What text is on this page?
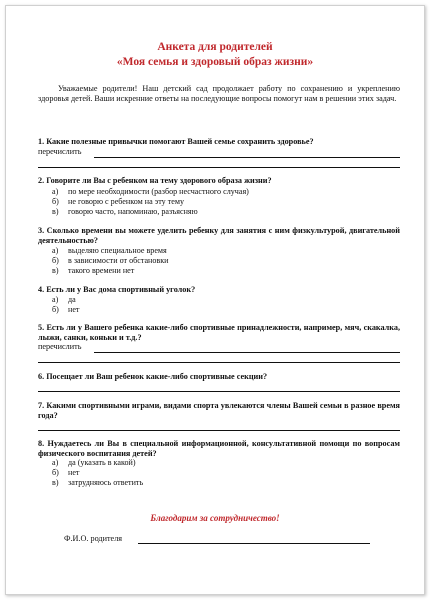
Анкета для родителей
«Моя семья и здоровый образ жизни»
Уважаемые родители! Наш детский сад продолжает работу по сохранению и укреплению здоровья детей. Ваши искренние ответы на последующие вопросы помогут нам в решении этих задач.
1. Какие полезные привычки помогают Вашей семье сохранить здоровье?
перечислить
2. Говорите ли Вы с ребенком на тему здорового образа жизни?
а) по мере необходимости (разбор несчастного случая)
б) не говорю с ребенком на эту тему
в) говорю часто, напоминаю, разъясняю
3. Сколько времени вы можете уделить ребенку для занятия с ним физкультурой, двигательной деятельностью?
а) выделяю специальное время
б) в зависимости от обстановки
в) такого времени нет
4. Есть ли у Вас дома спортивный уголок?
а) да
б) нет
5. Есть ли у Вашего ребенка какие-либо спортивные принадлежности, например, мяч, скакалка, лыжи, санки, коньки и т.д.?
перечислить
6. Посещает ли Ваш ребенок какие-либо спортивные секции?
7. Какими спортивными играми, видами спорта увлекаются члены Вашей семьи в разное время года?
8. Нуждаетесь ли Вы в специальной информационной, консультативной помощи по вопросам физического воспитания детей?
а) да (указать в какой)
б) нет
в) затрудняюсь ответить
Благодарим за сотрудничество!
Ф.И.О. родителя
